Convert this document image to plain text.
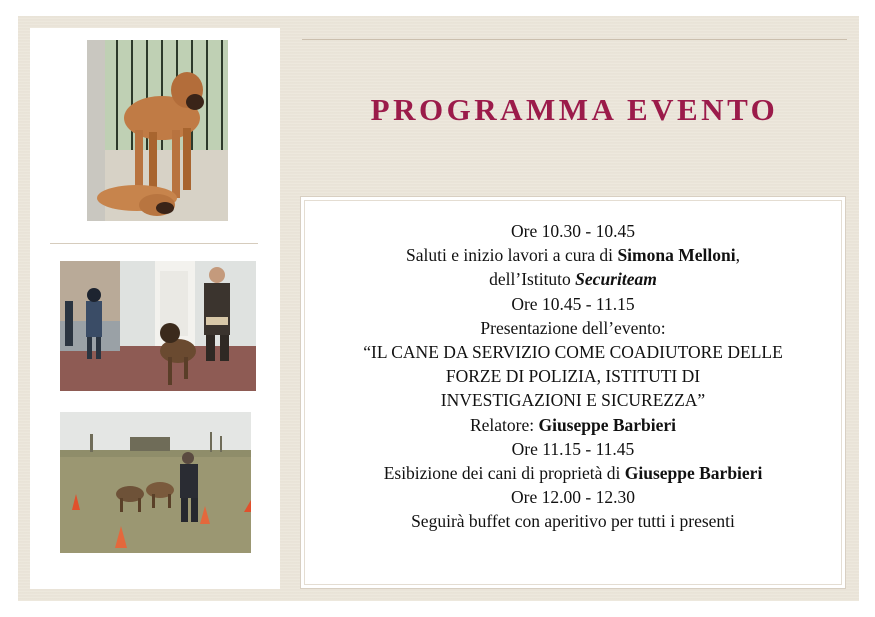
PROGRAMMA EVENTO
Ore 10.30 - 10.45
Saluti e inizio lavori a cura di Simona Melloni,
dell’Istituto Securiteam
Ore 10.45 - 11.15
Presentazione dell’evento:
“IL CANE DA SERVIZIO COME COADIUTORE DELLE
FORZE DI POLIZIA, ISTITUTI DI
INVESTIGAZIONI E SICUREZZA”
Relatore: Giuseppe Barbieri
Ore 11.15 - 11.45
Esibizione dei cani di proprietà di Giuseppe Barbieri
Ore 12.00 - 12.30
Seguirà buffet con aperitivo per tutti i presenti
